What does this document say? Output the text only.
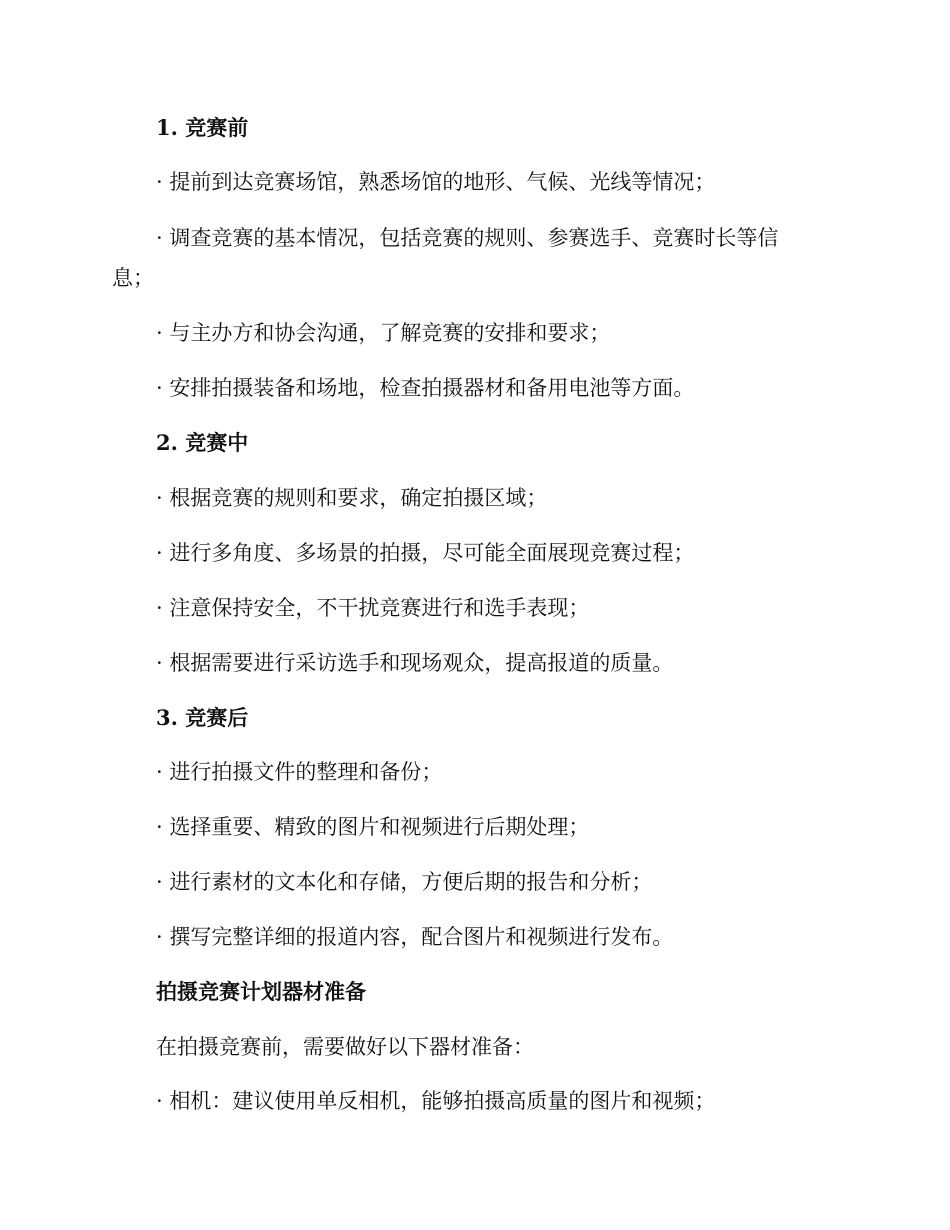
1. 竞赛前
· 提前到达竞赛场馆，熟悉场馆的地形、气候、光线等情况；
· 调查竞赛的基本情况，包括竞赛的规则、参赛选手、竞赛时长等信
息；
· 与主办方和协会沟通，了解竞赛的安排和要求；
· 安排拍摄装备和场地，检查拍摄器材和备用电池等方面。
2. 竞赛中
· 根据竞赛的规则和要求，确定拍摄区域；
· 进行多角度、多场景的拍摄，尽可能全面展现竞赛过程；
· 注意保持安全，不干扰竞赛进行和选手表现；
· 根据需要进行采访选手和现场观众，提高报道的质量。
3. 竞赛后
· 进行拍摄文件的整理和备份；
· 选择重要、精致的图片和视频进行后期处理；
· 进行素材的文本化和存储，方便后期的报告和分析；
· 撰写完整详细的报道内容，配合图片和视频进行发布。
拍摄竞赛计划器材准备
在拍摄竞赛前，需要做好以下器材准备：
· 相机：建议使用单反相机，能够拍摄高质量的图片和视频；
